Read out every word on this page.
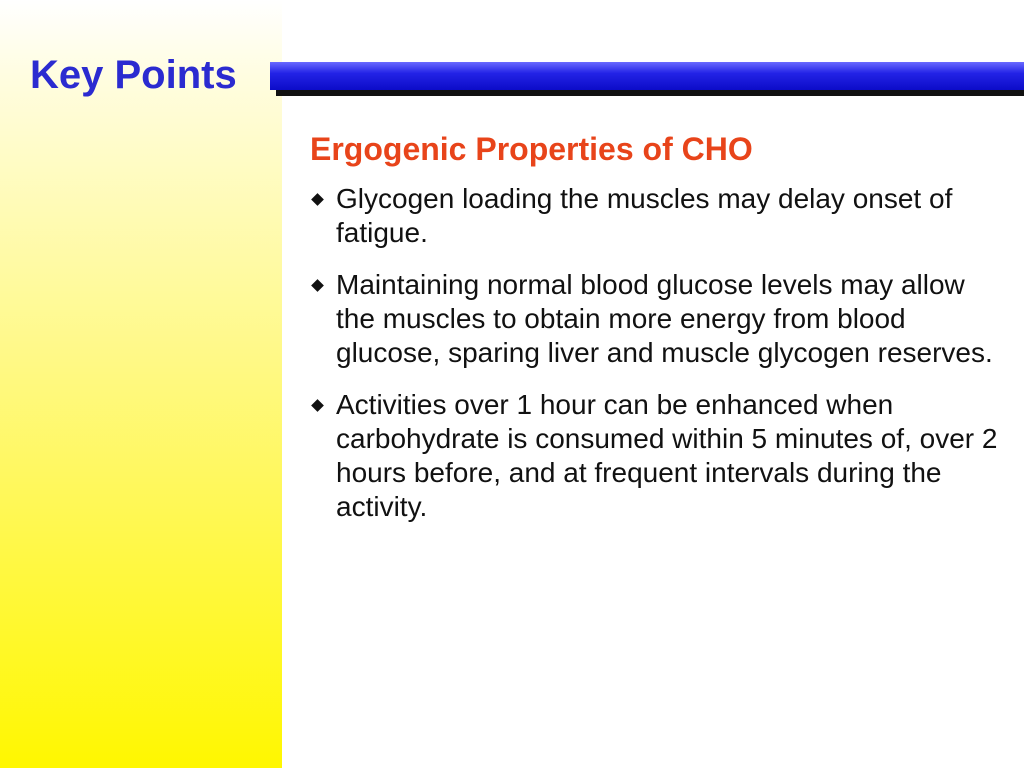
Key Points
Ergogenic Properties of CHO
Glycogen loading the muscles may delay onset of fatigue.
Maintaining normal blood glucose levels may allow the muscles to obtain more energy from blood glucose, sparing liver and muscle glycogen reserves.
Activities over 1 hour can be enhanced when carbohydrate is consumed within 5 minutes of, over 2 hours before, and at frequent intervals during the activity.
